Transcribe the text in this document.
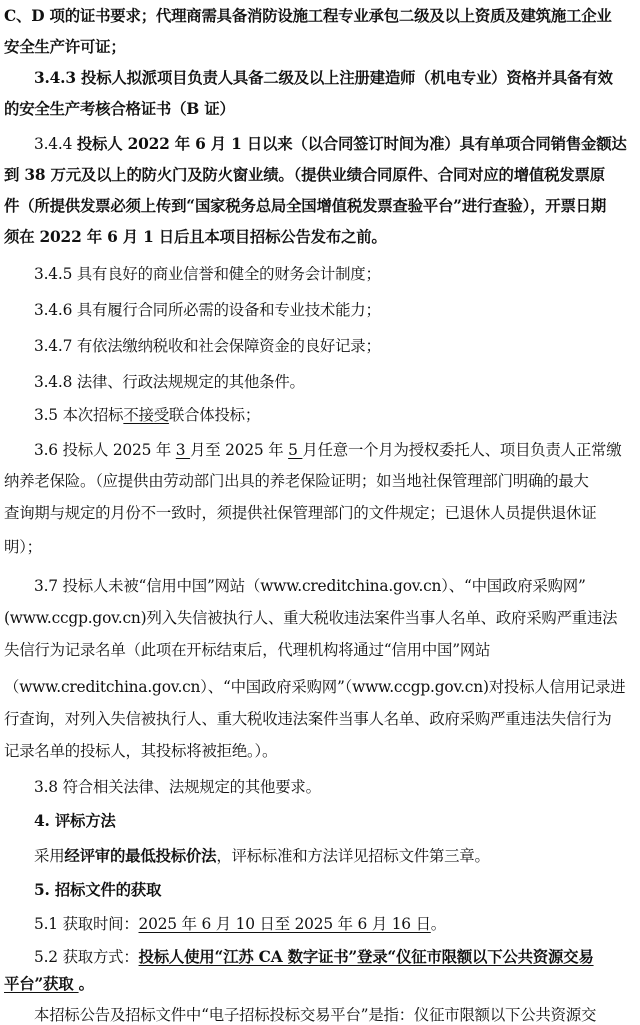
C、D 项的证书要求；代理商需具备消防设施工程专业承包二级及以上资质及建筑施工企业
安全生产许可证；
3.4.3 投标人拟派项目负责人具备二级及以上注册建造师（机电专业）资格并具备有效
的安全生产考核合格证书（B 证）
3.4.4 投标人 2022 年 6 月 1 日以来（以合同签订时间为准）具有单项合同销售金额达
到 38 万元及以上的防火门及防火窗业绩。（提供业绩合同原件、合同对应的增值税发票原
件（所提供发票必须上传到“国家税务总局全国增值税发票查验平台”进行查验），开票日期
须在 2022 年 6 月 1 日后且本项目招标公告发布之前。
3.4.5 具有良好的商业信誉和健全的财务会计制度；
3.4.6 具有履行合同所必需的设备和专业技术能力；
3.4.7 有依法缴纳税收和社会保障资金的良好记录；
3.4.8 法律、行政法规规定的其他条件。
3.5 本次招标不接受联合体投标；
3.6 投标人 2025 年 3 月至 2025 年 5 月任意一个月为授权委托人、项目负责人正常缴
纳养老保险。（应提供由劳动部门出具的养老保险证明；如当地社保管理部门明确的最大
查询期与规定的月份不一致时，须提供社保管理部门的文件规定；已退休人员提供退休证
明）；
3.7 投标人未被“信用中国”网站（www.creditchina.gov.cn）、“中国政府采购网”
(www.ccgp.gov.cn)列入失信被执行人、重大税收违法案件当事人名单、政府采购严重违法
失信行为记录名单（此项在开标结束后，代理机构将通过“信用中国”网站
（www.creditchina.gov.cn）、“中国政府采购网”（www.ccgp.gov.cn)对投标人信用记录进
行查询，对列入失信被执行人、重大税收违法案件当事人名单、政府采购严重违法失信行为
记录名单的投标人，其投标将被拒绝。）。
3.8 符合相关法律、法规规定的其他要求。
4. 评标方法
采用经评审的最低投标价法，评标标准和方法详见招标文件第三章。
5. 招标文件的获取
5.1 获取时间：2025 年 6 月 10 日至 2025 年 6 月 16 日。
5.2 获取方式：投标人使用“江苏 CA 数字证书”登录“仪征市限额以下公共资源交易
平台”获取 。
本招标公告及招标文件中“电子招标投标交易平台”是指：仪征市限额以下公共资源交
